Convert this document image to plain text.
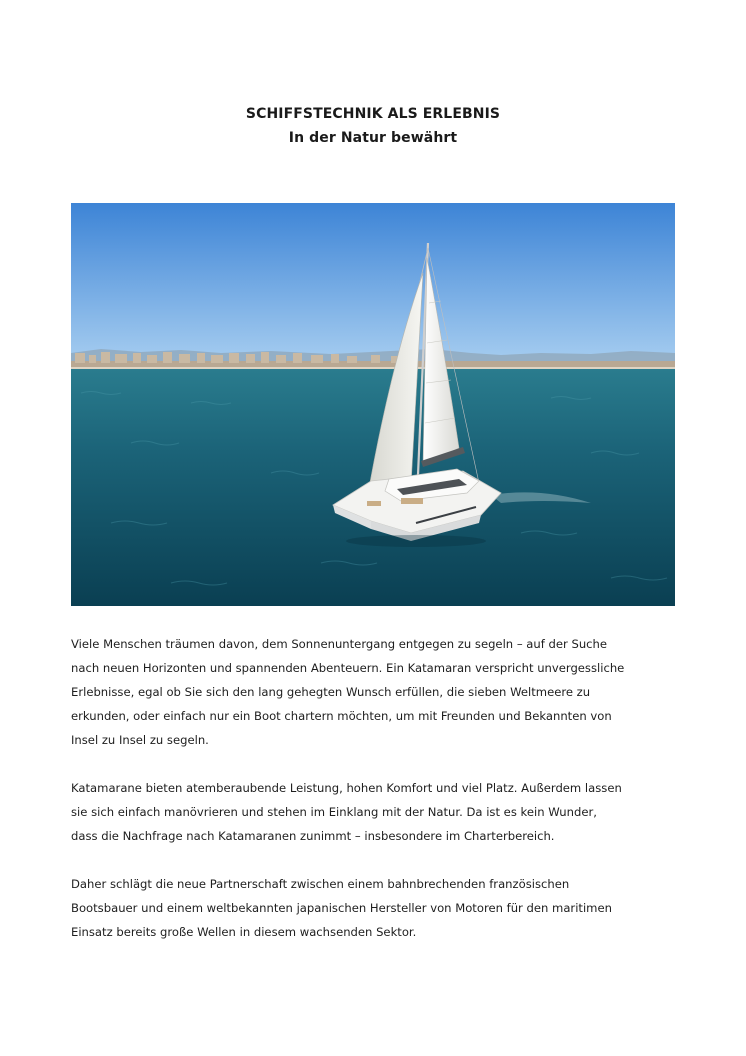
SCHIFFSTECHNIK ALS ERLEBNIS
In der Natur bewährt
Viele Menschen träumen davon, dem Sonnenuntergang entgegen zu segeln – auf der Suche
nach neuen Horizonten und spannenden Abenteuern. Ein Katamaran verspricht unvergessliche
Erlebnisse, egal ob Sie sich den lang gehegten Wunsch erfüllen, die sieben Weltmeere zu
erkunden, oder einfach nur ein Boot chartern möchten, um mit Freunden und Bekannten von
Insel zu Insel zu segeln.
Katamarane bieten atemberaubende Leistung, hohen Komfort und viel Platz. Außerdem lassen
sie sich einfach manövrieren und stehen im Einklang mit der Natur. Da ist es kein Wunder,
dass die Nachfrage nach Katamaranen zunimmt – insbesondere im Charterbereich.
Daher schlägt die neue Partnerschaft zwischen einem bahnbrechenden französischen
Bootsbauer und einem weltbekannten japanischen Hersteller von Motoren für den maritimen
Einsatz bereits große Wellen in diesem wachsenden Sektor.
